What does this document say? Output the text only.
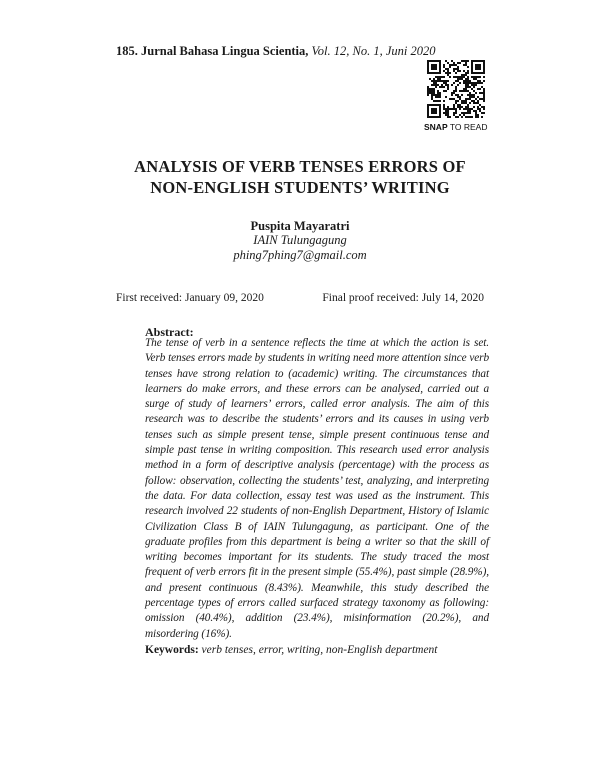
185. Jurnal Bahasa Lingua Scientia, Vol. 12, No. 1, Juni 2020
SNAP TO READ
ANALYSIS OF VERB TENSES ERRORS OF
NON-ENGLISH STUDENTS’ WRITING
Puspita Mayaratri
IAIN Tulungagung
phing7phing7@gmail.com
First received: January 09, 2020	Final proof received: July 14, 2020
Abstract:

The tense of verb in a sentence reflects the time at which the action is set. Verb tenses errors made by students in writing need more attention since verb tenses have strong relation to (academic) writing. The circumstances that learners do make errors, and these errors can be analysed, carried out a surge of study of learners’ errors, called error analysis. The aim of this research was to describe the students’ errors and its causes in using verb tenses such as simple present tense, simple present continuous tense and simple past tense in writing composition. This research used error analysis method in a form of descriptive analysis (percentage) with the process as follow: observation, collecting the students’ test, analyzing, and interpreting the data. For data collection, essay test was used as the instrument. This research involved 22 students of non-English Department, History of Islamic Civilization Class B of IAIN Tulungagung, as participant. One of the graduate profiles from this department is being a writer so that the skill of writing becomes important for its students. The study traced the most frequent of verb errors fit in the present simple (55.4%), past simple (28.9%), and present continuous (8.43%). Meanwhile, this study described the percentage types of errors called surfaced strategy taxonomy as following: omission (40.4%), addition (23.4%), misinformation (20.2%), and misordering (16%).

Keywords: verb tenses, error, writing, non-English department
